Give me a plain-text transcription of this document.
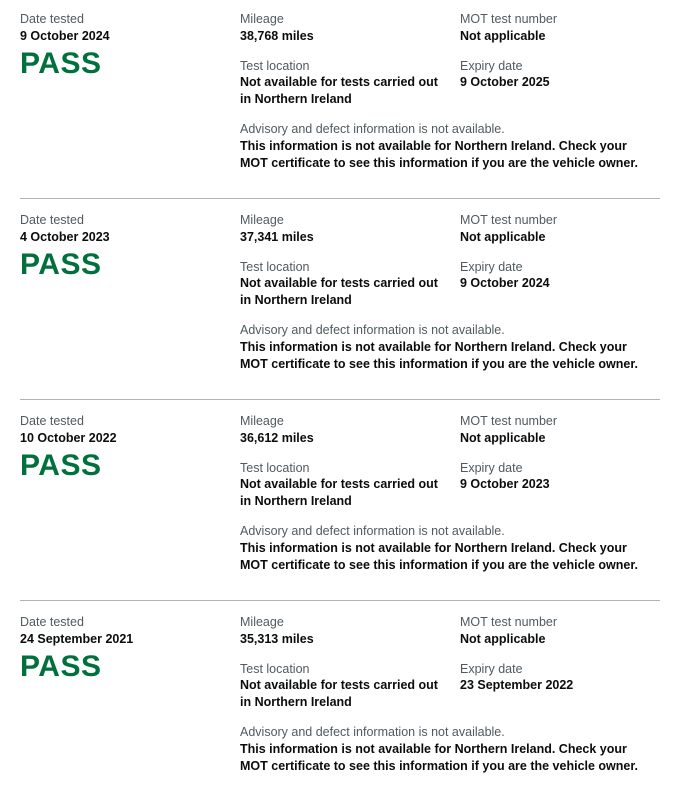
Date tested
9 October 2024
PASS
Mileage
38,768 miles
Test location
Not available for tests carried out in Northern Ireland
MOT test number
Not applicable
Expiry date
9 October 2025
Advisory and defect information is not available.
This information is not available for Northern Ireland. Check your MOT certificate to see this information if you are the vehicle owner.
Date tested
4 October 2023
PASS
Mileage
37,341 miles
Test location
Not available for tests carried out in Northern Ireland
MOT test number
Not applicable
Expiry date
9 October 2024
Advisory and defect information is not available.
This information is not available for Northern Ireland. Check your MOT certificate to see this information if you are the vehicle owner.
Date tested
10 October 2022
PASS
Mileage
36,612 miles
Test location
Not available for tests carried out in Northern Ireland
MOT test number
Not applicable
Expiry date
9 October 2023
Advisory and defect information is not available.
This information is not available for Northern Ireland. Check your MOT certificate to see this information if you are the vehicle owner.
Date tested
24 September 2021
PASS
Mileage
35,313 miles
Test location
Not available for tests carried out in Northern Ireland
MOT test number
Not applicable
Expiry date
23 September 2022
Advisory and defect information is not available.
This information is not available for Northern Ireland. Check your MOT certificate to see this information if you are the vehicle owner.
